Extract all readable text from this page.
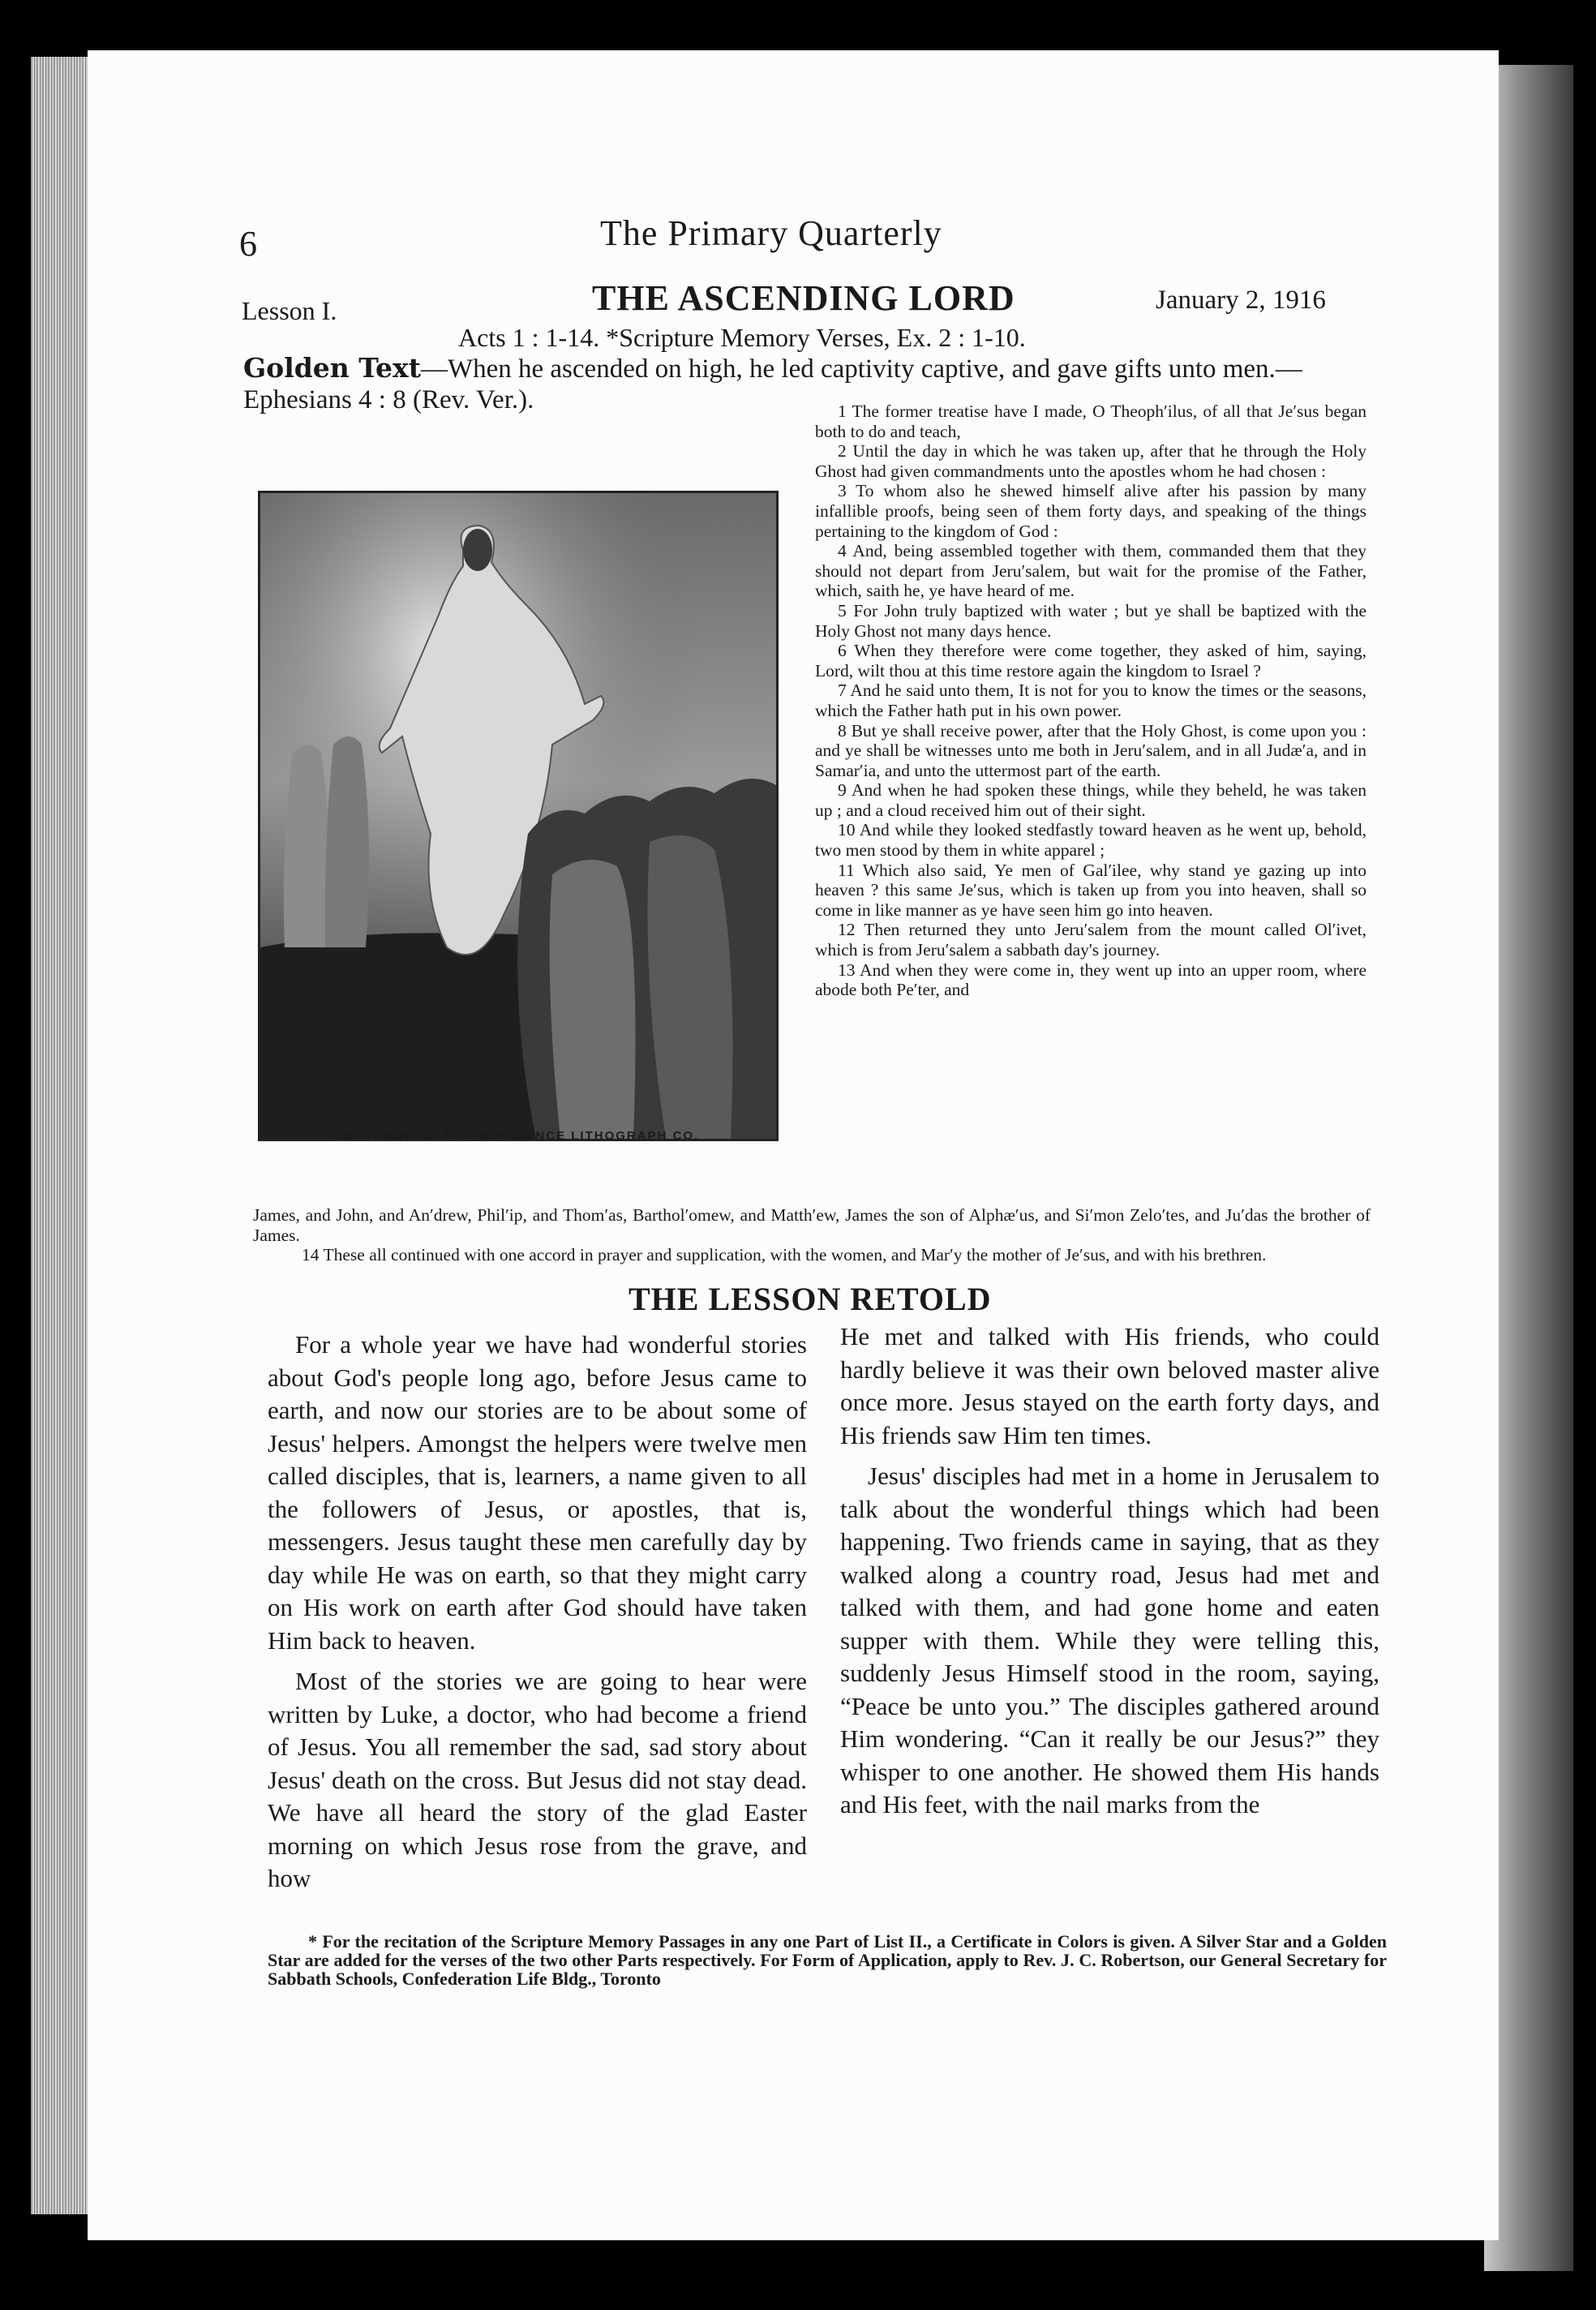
6	The Primary Quarterly
Lesson I.	THE ASCENDING LORD	January 2, 1916
Acts 1 : 1-14. *Scripture Memory Verses, Ex. 2 : 1-10.
Golden Text—When he ascended on high, he led captivity captive, and gave gifts unto men.—Ephesians 4 : 8 (Rev. Ver.).
COPYRIGHTED BY PROVIDENCE LITHOGRAPH CO.

1 The former treatise have I made, O Theoph′ilus, of all that Je′sus began both to do and teach,

2 Until the day in which he was taken up, after that he through the Holy Ghost had given commandments unto the apostles whom he had chosen :

3 To whom also he shewed himself alive after his passion by many infallible proofs, being seen of them forty days, and speaking of the things pertaining to the kingdom of God :

4 And, being assembled together with them, commanded them that they should not depart from Jeru′salem, but wait for the promise of the Father, which, saith he, ye have heard of me.

5 For John truly baptized with water ; but ye shall be baptized with the Holy Ghost not many days hence.

6 When they therefore were come together, they asked of him, saying, Lord, wilt thou at this time restore again the kingdom to Israel ?

7 And he said unto them, It is not for you to know the times or the seasons, which the Father hath put in his own power.

8 But ye shall receive power, after that the Holy Ghost, is come upon you : and ye shall be witnesses unto me both in Jeru′salem, and in all Judæ′a, and in Samar′ia, and unto the uttermost part of the earth.

9 And when he had spoken these things, while they beheld, he was taken up ; and a cloud received him out of their sight.

10 And while they looked stedfastly toward heaven as he went up, behold, two men stood by them in white apparel ;

11 Which also said, Ye men of Gal′ilee, why stand ye gazing up into heaven ? this same Je′sus, which is taken up from you into heaven, shall so come in like manner as ye have seen him go into heaven.

12 Then returned they unto Jeru′salem from the mount called Ol′ivet, which is from Jeru′salem a sabbath day's journey.

13 And when they were come in, they went up into an upper room, where abode both Pe′ter, and

James, and John, and An′drew, Phil′ip, and Thom′as, Barthol′omew, and Matth′ew, James the son of Alphæ′us, and Si′mon Zelo′tes, and Ju′das the brother of James.

14 These all continued with one accord in prayer and supplication, with the women, and Mar′y the mother of Je′sus, and with his brethren.

THE LESSON RETOLD

For a whole year we have had wonderful stories about God's people long ago, before Jesus came to earth, and now our stories are to be about some of Jesus' helpers. Amongst the helpers were twelve men called disciples, that is, learners, a name given to all the followers of Jesus, or apostles, that is, messengers. Jesus taught these men carefully day by day while He was on earth, so that they might carry on His work on earth after God should have taken Him back to heaven.

Most of the stories we are going to hear were written by Luke, a doctor, who had become a friend of Jesus. You all remember the sad, sad story about Jesus' death on the cross. But Jesus did not stay dead. We have all heard the story of the glad Easter morning on which Jesus rose from the grave, and how

He met and talked with His friends, who could hardly believe it was their own beloved master alive once more. Jesus stayed on the earth forty days, and His friends saw Him ten times.

Jesus' disciples had met in a home in Jerusalem to talk about the wonderful things which had been happening. Two friends came in saying, that as they walked along a country road, Jesus had met and talked with them, and had gone home and eaten supper with them. While they were telling this, suddenly Jesus Himself stood in the room, saying, “Peace be unto you.” The disciples gathered around Him wondering. “Can it really be our Jesus?” they whisper to one another. He showed them His hands and His feet, with the nail marks from the

* For the recitation of the Scripture Memory Passages in any one Part of List II., a Certificate in Colors is given. A Silver Star and a Golden Star are added for the verses of the two other Parts respectively. For Form of Application, apply to Rev. J. C. Robertson, our General Secretary for Sabbath Schools, Confederation Life Bldg., Toronto
